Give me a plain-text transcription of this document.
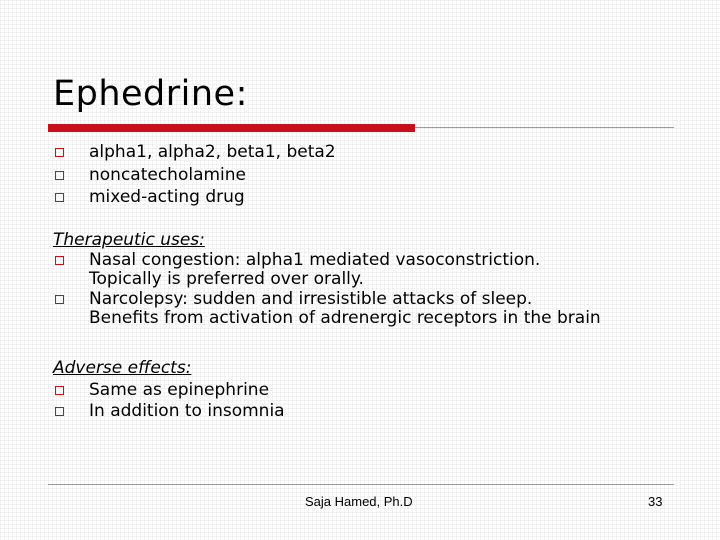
Ephedrine:
alpha1, alpha2, beta1, beta2
noncatecholamine
mixed-acting drug
Therapeutic uses:
Nasal congestion: alpha1 mediated vasoconstriction.
Topically is preferred over orally.
Narcolepsy: sudden and irresistible attacks of sleep.
Benefits from activation of adrenergic receptors in the brain
Adverse effects:
Same as epinephrine
In addition to insomnia
Saja Hamed, Ph.D	33
